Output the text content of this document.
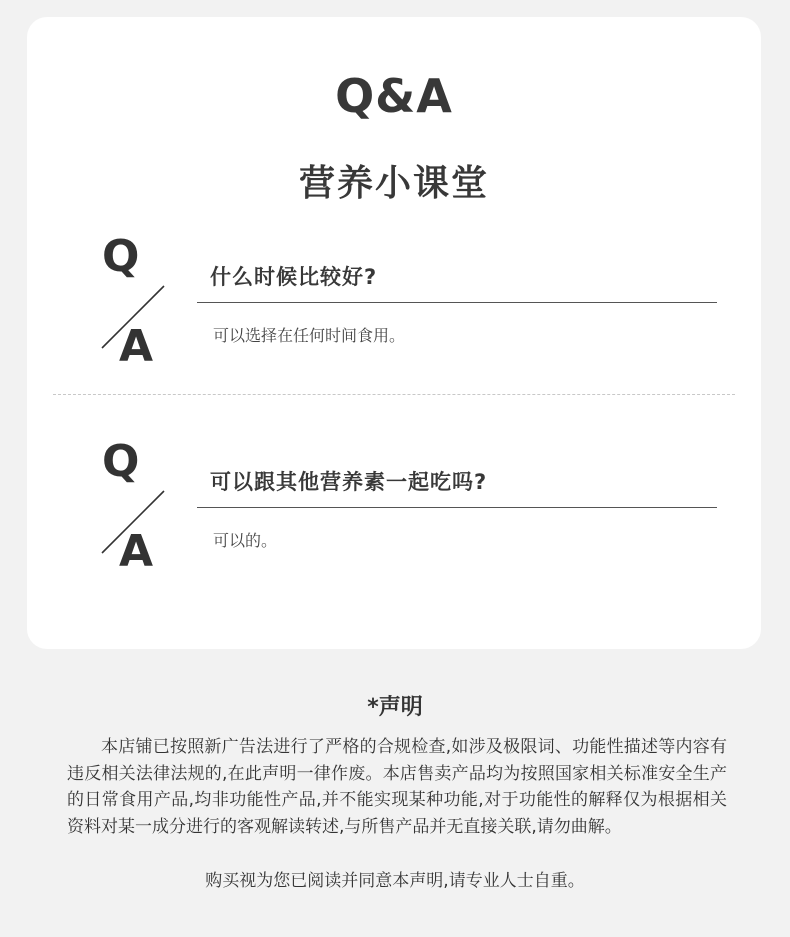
Q&A
营养小课堂
Q
A
什么时候比较好?
可以选择在任何时间食用。
Q
A
可以跟其他营养素一起吃吗?
可以的。
*声明

本店铺已按照新广告法进行了严格的合规检查,如涉及极限词、功能性描述等内容有违反相关法律法规的,在此声明一律作废。本店售卖产品均为按照国家相关标准安全生产的日常食用产品,均非功能性产品,并不能实现某种功能,对于功能性的解释仅为根据相关资料对某一成分进行的客观解读转述,与所售产品并无直接关联,请勿曲解。

购买视为您已阅读并同意本声明,请专业人士自重。
